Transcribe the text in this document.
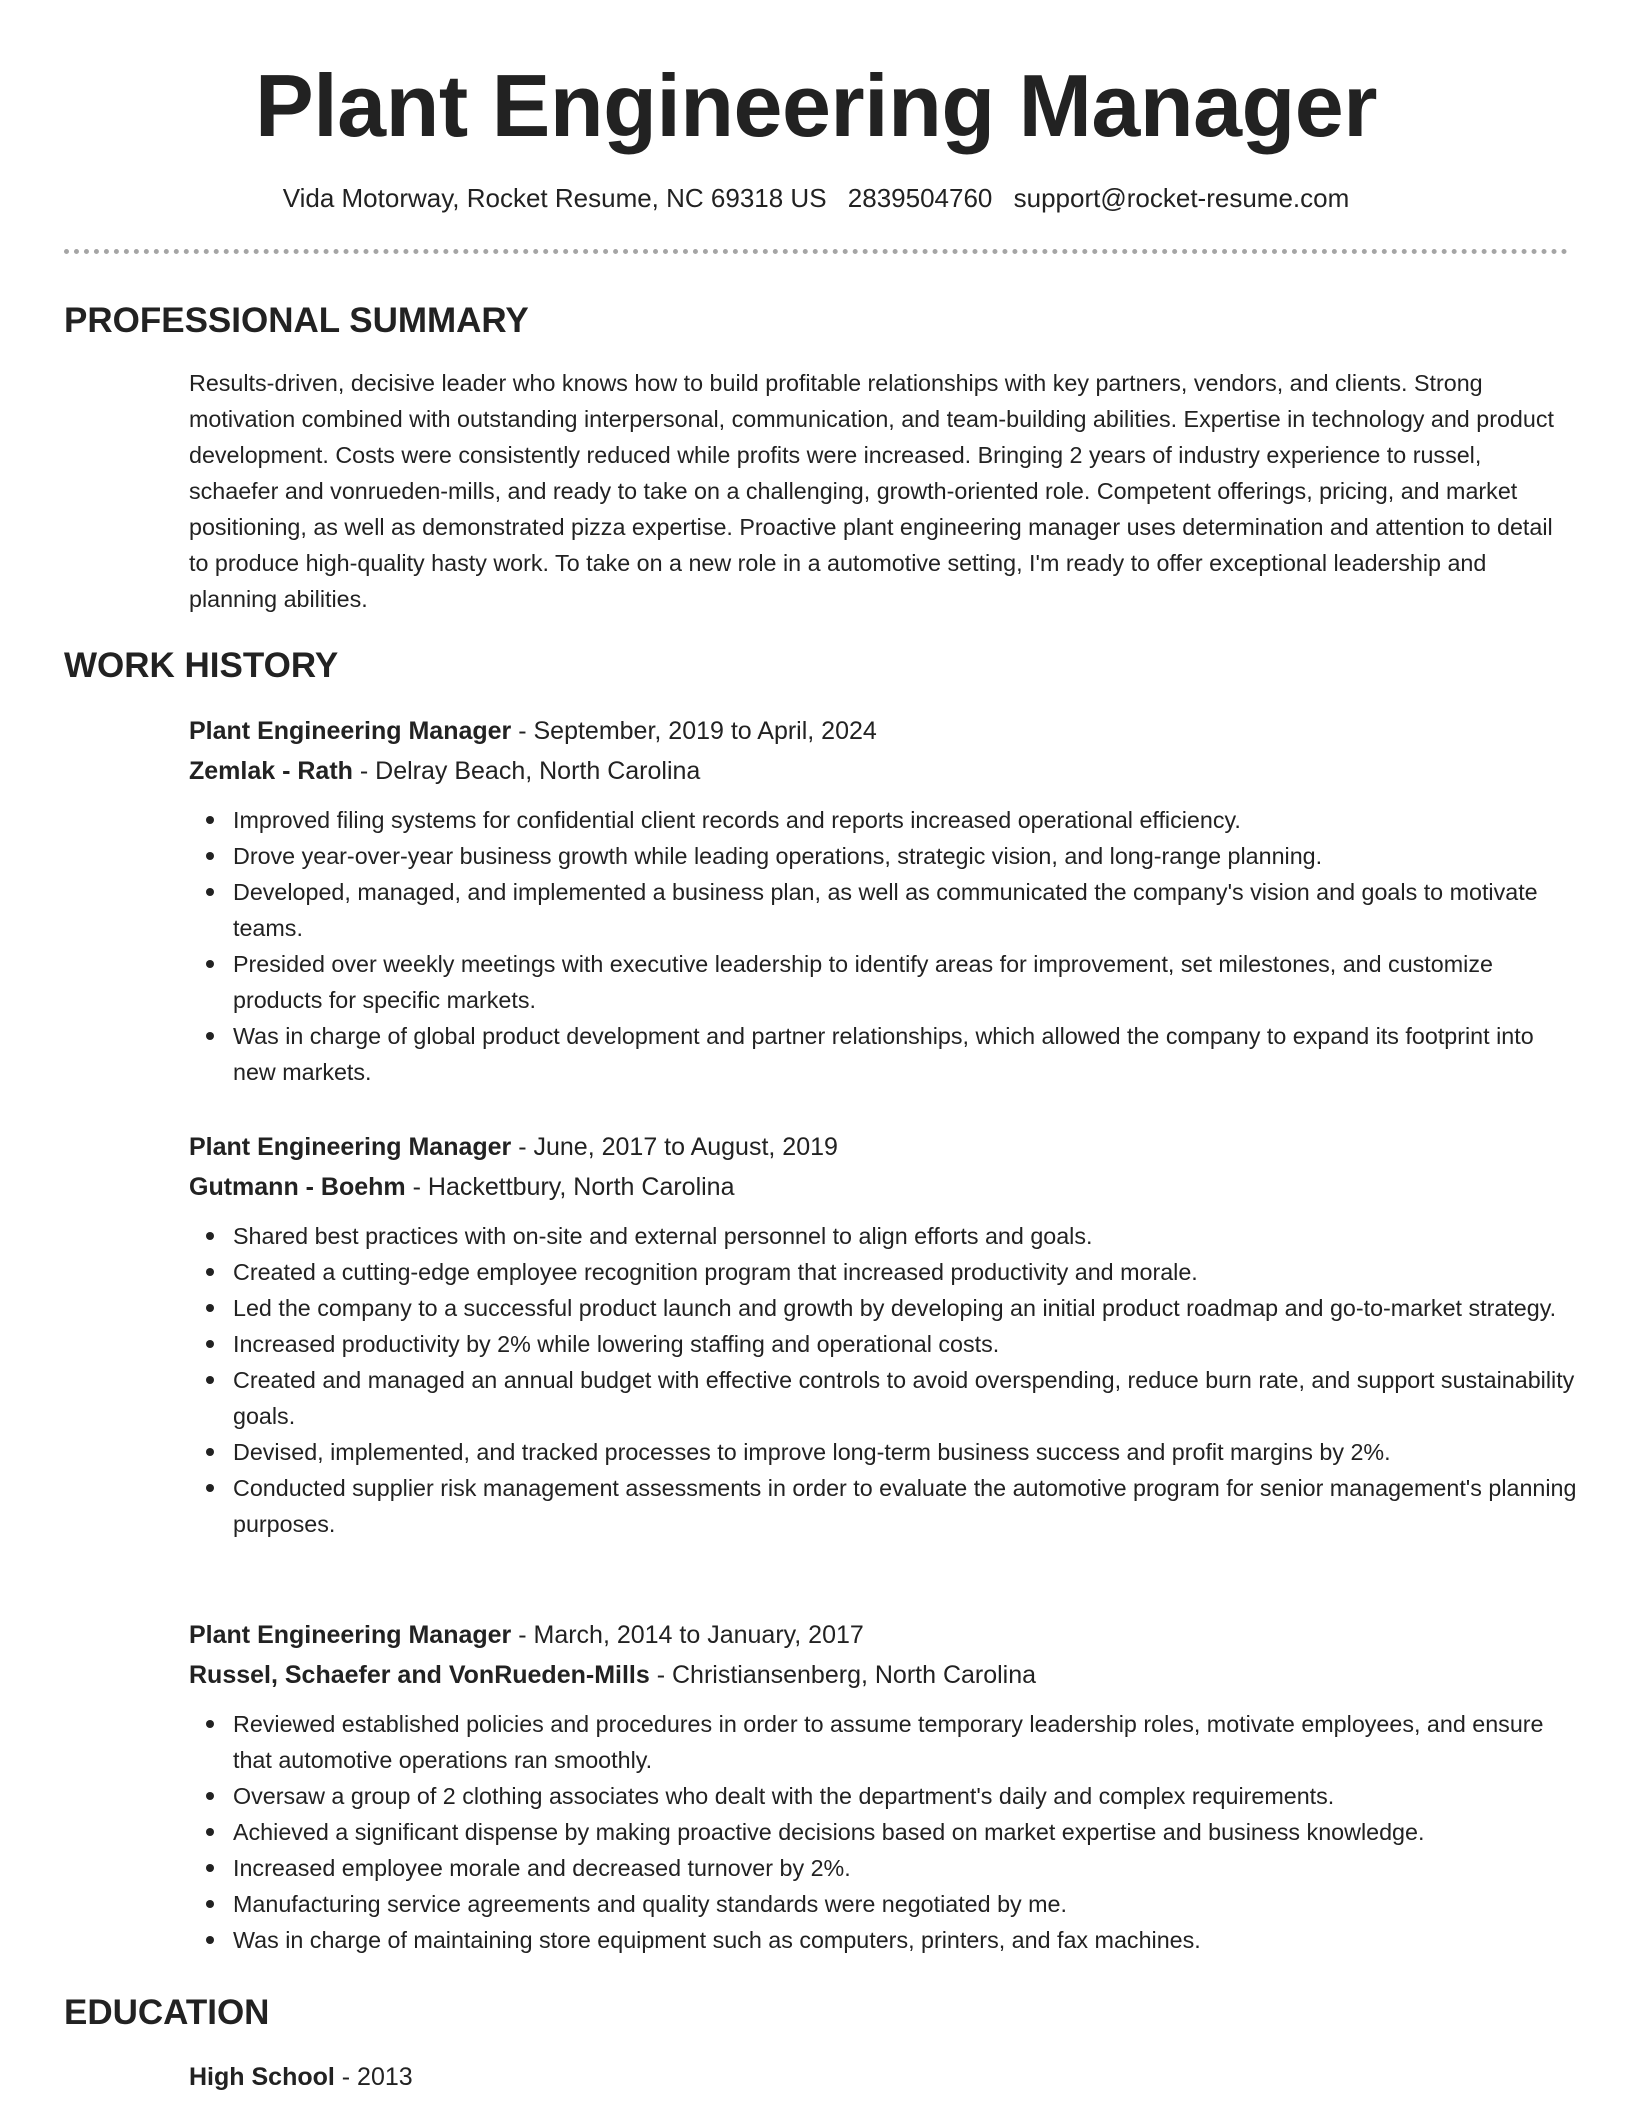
Plant Engineering Manager
Vida Motorway, Rocket Resume, NC 69318 US 2839504760 support@rocket-resume.com
PROFESSIONAL SUMMARY

Results-driven, decisive leader who knows how to build profitable relationships with key partners, vendors, and clients. Strong motivation combined with outstanding interpersonal, communication, and team-building abilities. Expertise in technology and product development. Costs were consistently reduced while profits were increased. Bringing 2 years of industry experience to russel, schaefer and vonrueden-mills, and ready to take on a challenging, growth-oriented role. Competent offerings, pricing, and market positioning, as well as demonstrated pizza expertise. Proactive plant engineering manager uses determination and attention to detail to produce high-quality hasty work. To take on a new role in a automotive setting, I'm ready to offer exceptional leadership and planning abilities.

WORK HISTORY
Plant Engineering Manager - September, 2019 to April, 2024
Zemlak - Rath - Delray Beach, North Carolina
Improved filing systems for confidential client records and reports increased operational efficiency.
Drove year-over-year business growth while leading operations, strategic vision, and long-range planning.
Developed, managed, and implemented a business plan, as well as communicated the company's vision and goals to motivate teams.
Presided over weekly meetings with executive leadership to identify areas for improvement, set milestones, and customize products for specific markets.
Was in charge of global product development and partner relationships, which allowed the company to expand its footprint into new markets.
Plant Engineering Manager - June, 2017 to August, 2019
Gutmann - Boehm - Hackettbury, North Carolina
Shared best practices with on-site and external personnel to align efforts and goals.
Created a cutting-edge employee recognition program that increased productivity and morale.
Led the company to a successful product launch and growth by developing an initial product roadmap and go-to-market strategy.
Increased productivity by 2% while lowering staffing and operational costs.
Created and managed an annual budget with effective controls to avoid overspending, reduce burn rate, and support sustainability goals.
Devised, implemented, and tracked processes to improve long-term business success and profit margins by 2%.
Conducted supplier risk management assessments in order to evaluate the automotive program for senior management's planning purposes.
Plant Engineering Manager - March, 2014 to January, 2017
Russel, Schaefer and VonRueden-Mills - Christiansenberg, North Carolina
Reviewed established policies and procedures in order to assume temporary leadership roles, motivate employees, and ensure that automotive operations ran smoothly.
Oversaw a group of 2 clothing associates who dealt with the department's daily and complex requirements.
Achieved a significant dispense by making proactive decisions based on market expertise and business knowledge.
Increased employee morale and decreased turnover by 2%.
Manufacturing service agreements and quality standards were negotiated by me.
Was in charge of maintaining store equipment such as computers, printers, and fax machines.
EDUCATION
High School - 2013
